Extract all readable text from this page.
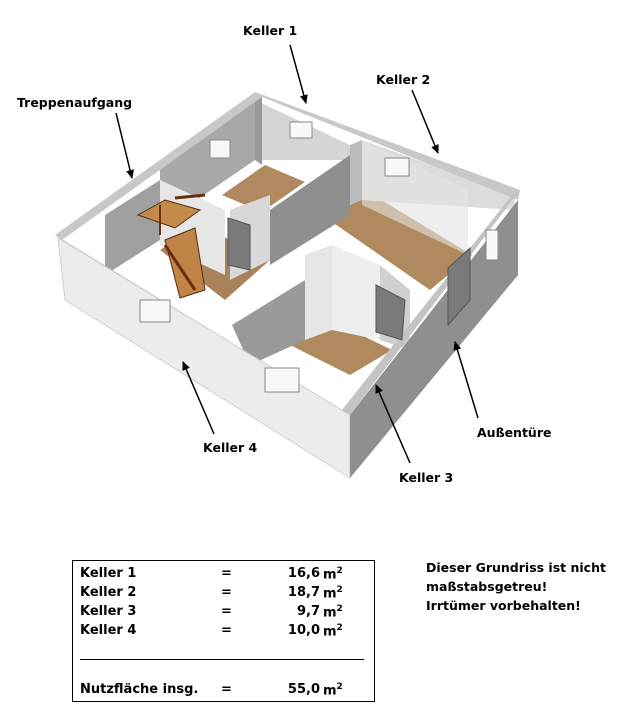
Keller 1
Keller 2
Treppenaufgang
Keller 4
Keller 3
Außentüre
Keller 1	=	16,6 $m^2$
Keller 2	=	18,7 $m^2$
Keller 3	=	9,7 $m^2$
Keller 4	=	10,0 $m^2$
Nutzfläche insg. =	55,0 $m^2$
Dieser Grundriss ist nicht
maßstabsgetreu!
Irrtümer vorbehalten!
